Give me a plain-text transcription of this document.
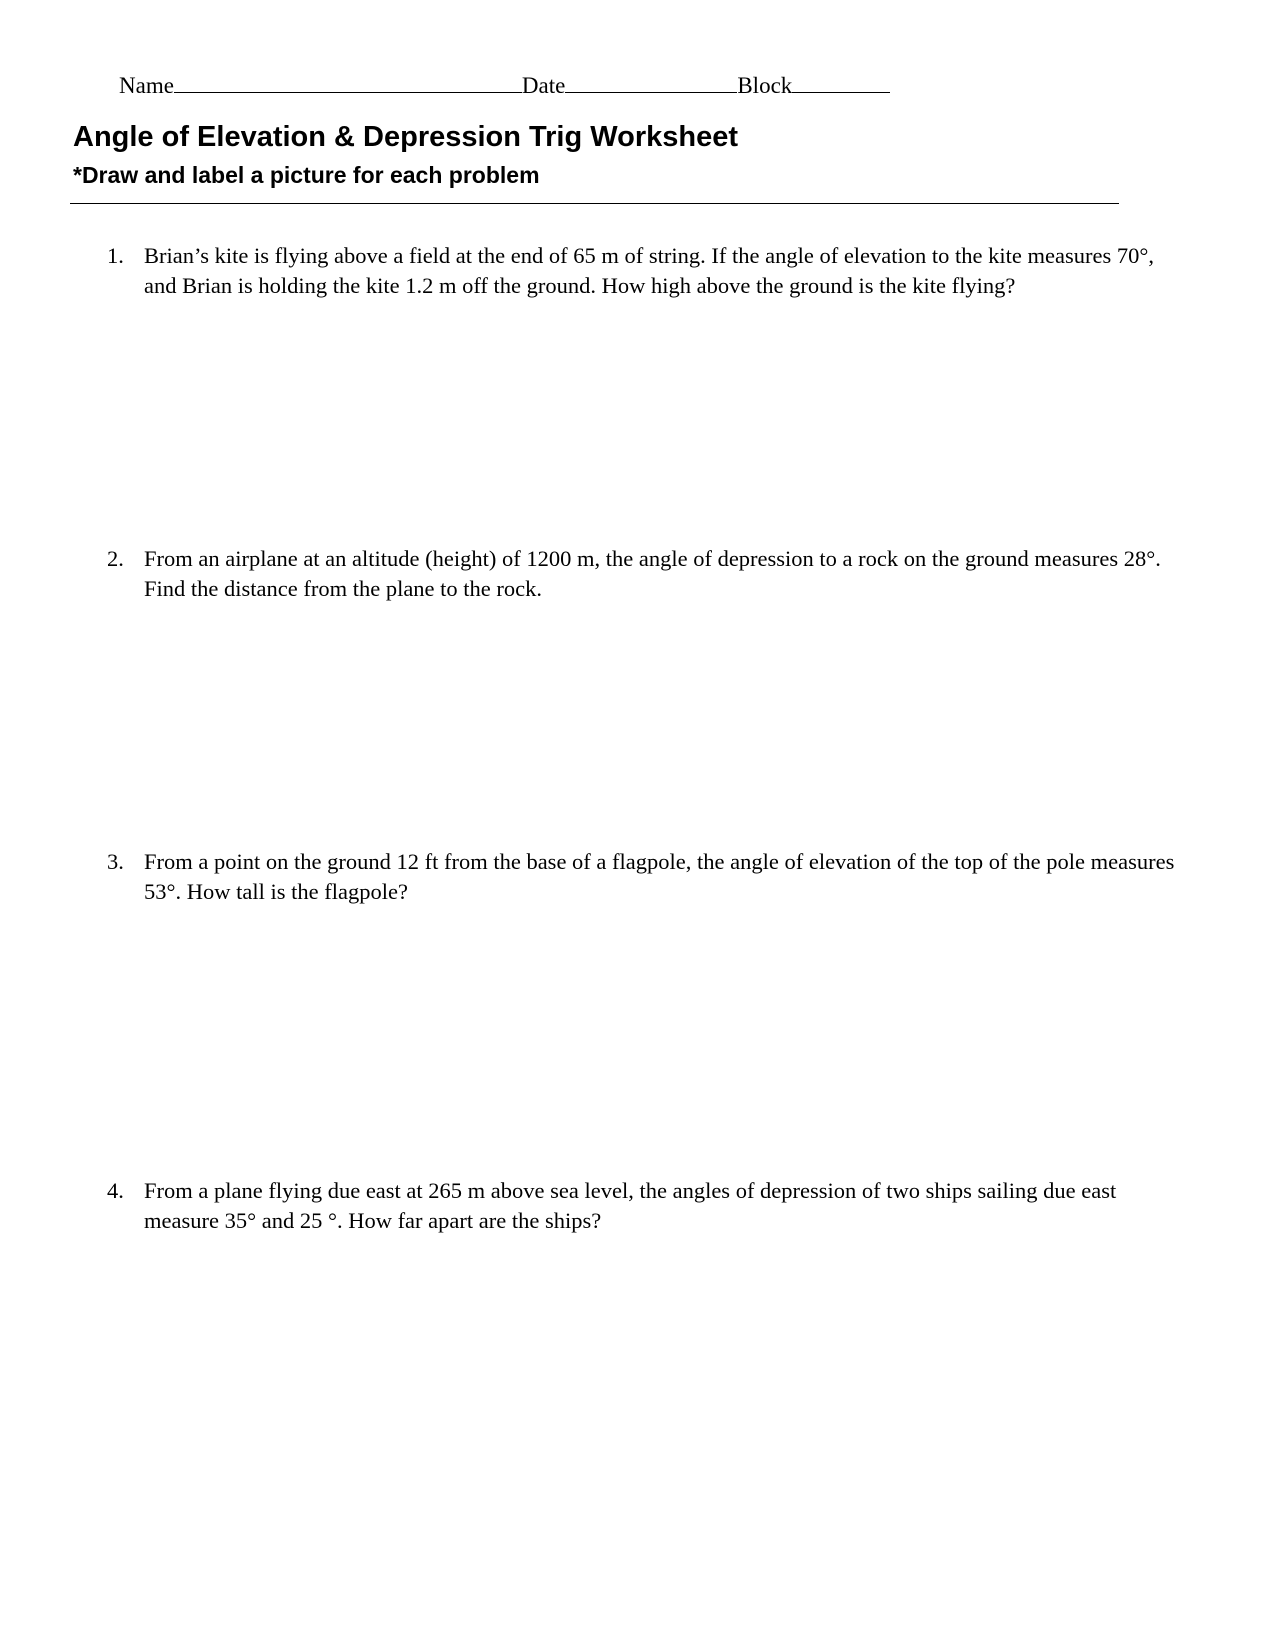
Name	Date	Block
Angle of Elevation & Depression Trig Worksheet
*Draw and label a picture for each problem
1. Brian’s kite is flying above a field at the end of 65 m of string. If the angle of elevation to the kite measures 70°, and Brian is holding the kite 1.2 m off the ground. How high above the ground is the kite flying?
2. From an airplane at an altitude (height) of 1200 m, the angle of depression to a rock on the ground measures 28°. Find the distance from the plane to the rock.
3. From a point on the ground 12 ft from the base of a flagpole, the angle of elevation of the top of the pole measures 53°. How tall is the flagpole?
4. From a plane flying due east at 265 m above sea level, the angles of depression of two ships sailing due east measure 35° and 25 °. How far apart are the ships?
